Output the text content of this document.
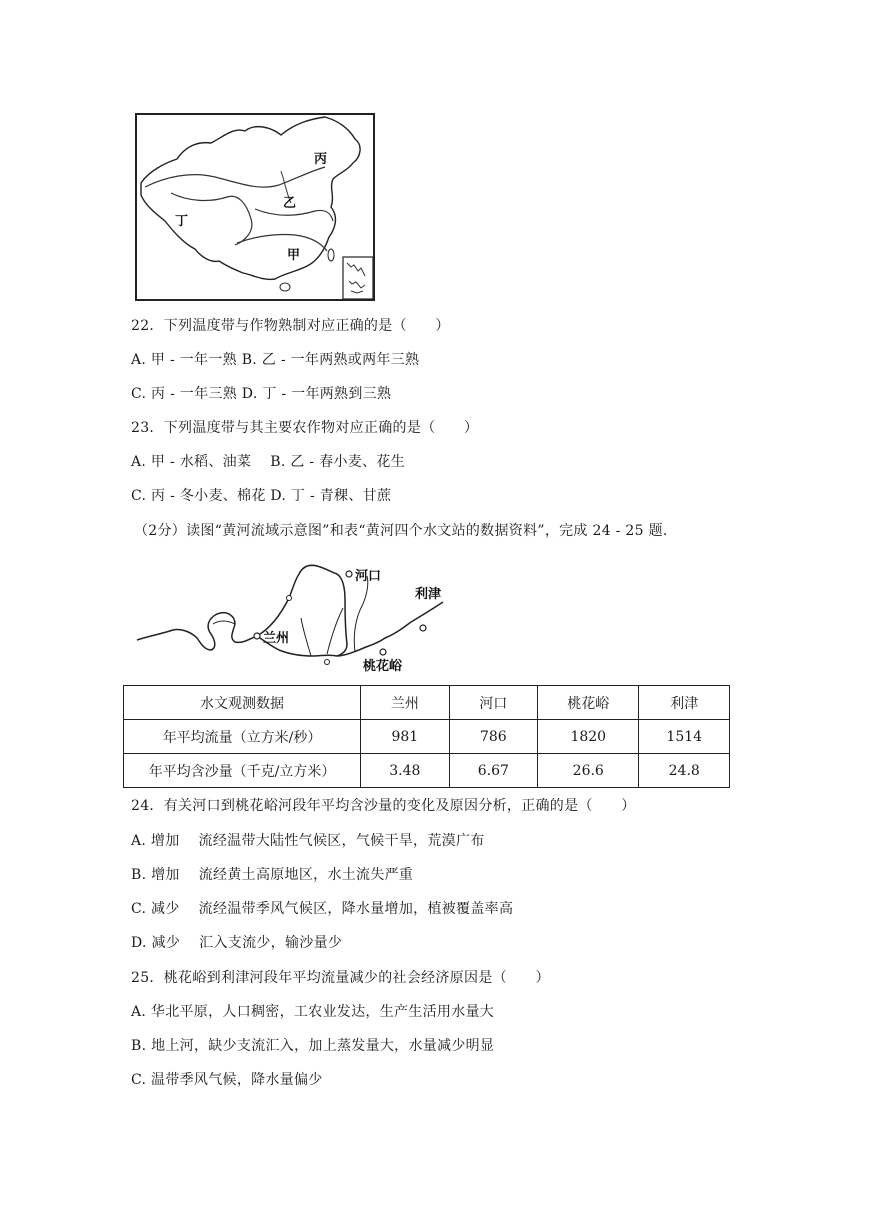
丙
乙
丁
甲
22．下列温度带与作物熟制对应正确的是（　　）
A. 甲 - 一年一熟 B. 乙 - 一年两熟或两年三熟
C. 丙 - 一年三熟 D. 丁 - 一年两熟到三熟
23．下列温度带与其主要农作物对应正确的是（　　）
A. 甲 - 水稻、油菜　 B. 乙 - 春小麦、花生
C. 丙 - 冬小麦、棉花 D. 丁 - 青稞、甘蔗
（2分）读图“黄河流域示意图”和表“黄河四个水文站的数据资料”，完成 24 - 25 题.
河口
利津
兰州
桃花峪
水文观测数据	兰州	河口	桃花峪	利津
年平均流量（立方米/秒）	981	786	1820	1514
年平均含沙量（千克/立方米）	3.48	6.67	26.6	24.8
24．有关河口到桃花峪河段年平均含沙量的变化及原因分析，正确的是（　　）
A. 增加　 流经温带大陆性气候区，气候干旱，荒漠广布
B. 增加　 流经黄土高原地区，水土流失严重
C. 减少　 流经温带季风气候区，降水量增加，植被覆盖率高
D. 减少　 汇入支流少，输沙量少
25．桃花峪到利津河段年平均流量减少的社会经济原因是（　　）
A. 华北平原，人口稠密，工农业发达，生产生活用水量大
B. 地上河，缺少支流汇入，加上蒸发量大，水量减少明显
C. 温带季风气候，降水量偏少
